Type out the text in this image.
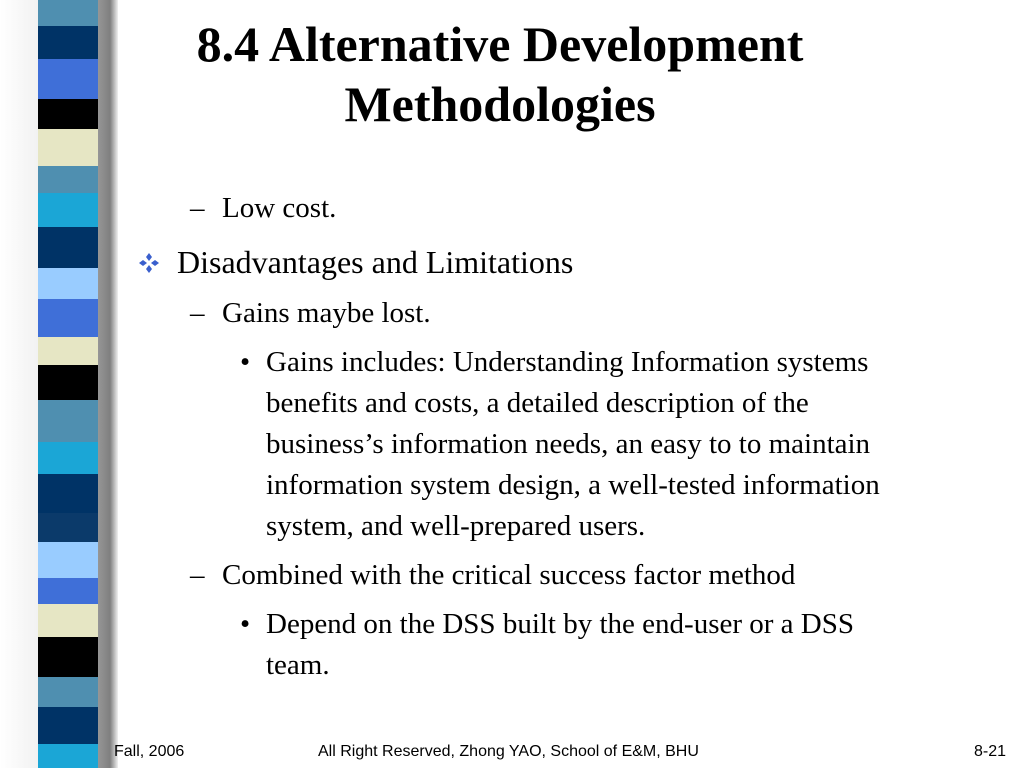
8.4 Alternative Development
Methodologies
– Low cost.
Disadvantages and Limitations
– Gains maybe lost.
• Gains includes: Understanding Information systems
benefits and costs, a detailed description of the
business’s information needs, an easy to to maintain
information system design, a well-tested information
system, and well-prepared users.
– Combined with the critical success factor method
• Depend on the DSS built by the end-user or a DSS
team.
Fall, 2006	All Right Reserved, Zhong YAO, School of E&M, BHU	8-21
